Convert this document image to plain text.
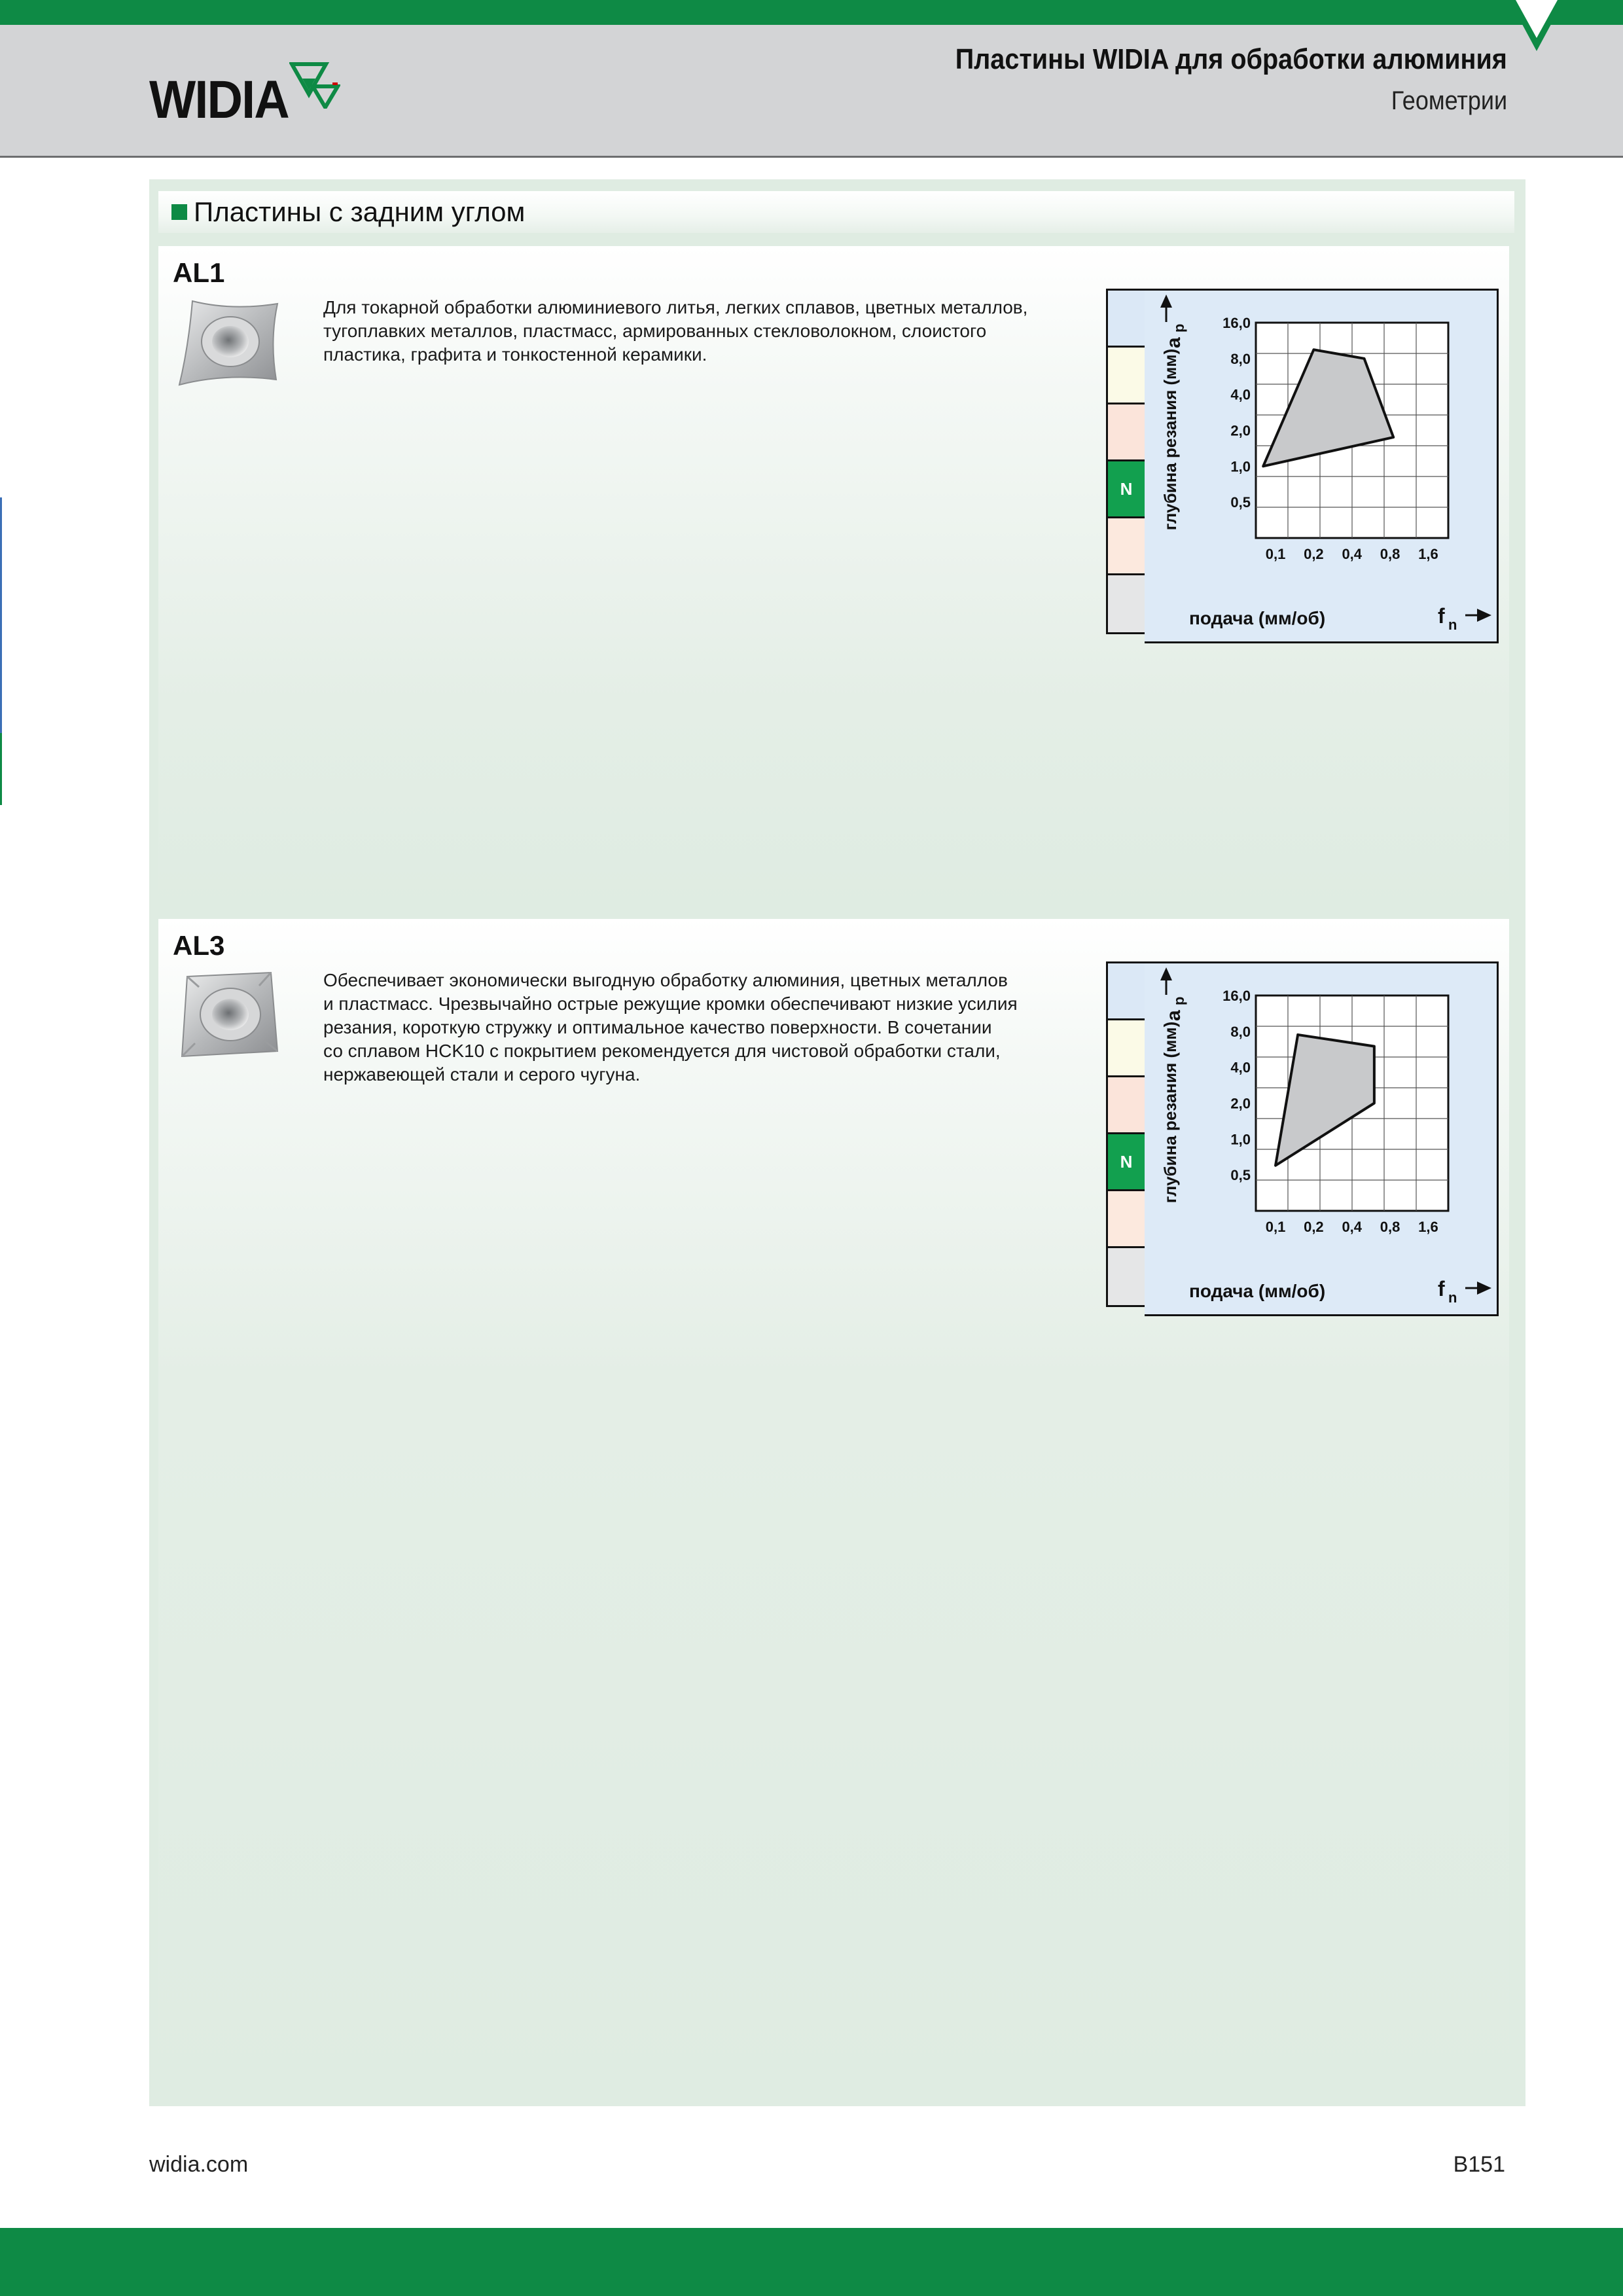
WIDIA
Пластины WIDIA для обработки алюминия
Геометрии
Пластины с задним углом
AL1
Для токарной обработки алюминиевого литья, легких сплавов, цветных металлов,
тугоплавких металлов, пластмасс, армированных стекловолокном, слоистого
пластика, графита и тонкостенной керамики.
N
0,1 0,2 0,4 0,8 1,6
16,0
8,0
4,0
2,0
1,0
0,5
глубина резания (мм)
a
p
подача (мм/об)	f n
AL3
Обеспечивает экономически выгодную обработку алюминия, цветных металлов
и пластмасс. Чрезвычайно острые режущие кромки обеспечивают низкие усилия
резания, короткую стружку и оптимальное качество поверхности. В сочетании
со сплавом HCK10 с покрытием рекомендуется для чистовой обработки стали,
нержавеющей стали и серого чугуна.
N
0,1 0,2 0,4 0,8 1,6
16,0
8,0
4,0
2,0
1,0
0,5
глубина резания (мм)
a
p
подача (мм/об)	f n
widia.com	B151
